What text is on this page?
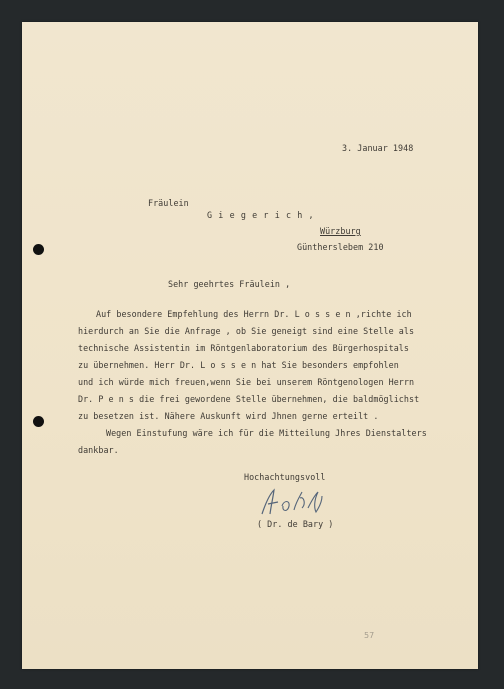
3. Januar 1948
Fräulein
G i e g e r i c h ,
Würzburg
Güntherslebem 210
Sehr geehrtes Fräulein ,
Auf besondere Empfehlung des Herrn Dr. L o s s e n ,richte ich
hierdurch an Sie die Anfrage , ob Sie geneigt sind eine Stelle als
technische Assistentin im Röntgenlaboratorium des Bürgerhospitals
zu übernehmen. Herr Dr. L o s s e n hat Sie besonders empfohlen
und ich würde mich freuen,wenn Sie bei unserem Röntgenologen Herrn
Dr. P e n s die frei gewordene Stelle übernehmen, die baldmöglichst
zu besetzen ist. Nähere Auskunft wird Jhnen gerne erteilt .
Wegen Einstufung wäre ich für die Mitteilung Jhres Dienstalters
dankbar.
Hochachtungsvoll
( Dr. de Bary )
57
